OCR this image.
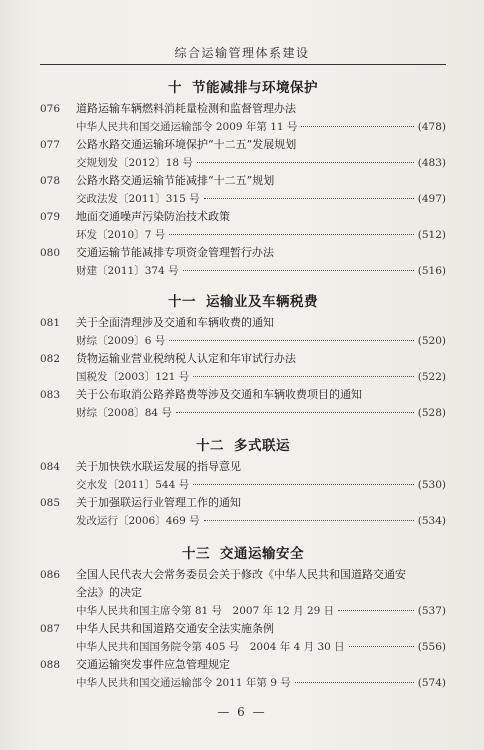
综合运输管理体系建设
十 节能减排与环境保护
076	道路运输车辆燃料消耗量检测和监督管理办法
中华人民共和国交通运输部令 2009 年第 11 号	(478)
077	公路水路交通运输环境保护“十二五”发展规划
交规划发〔2012〕18 号	(483)
078	公路水路交通运输节能减排“十二五”规划
交政法发〔2011〕315 号	(497)
079	地面交通噪声污染防治技术政策
环发〔2010〕7 号	(512)
080	交通运输节能减排专项资金管理暂行办法
财建〔2011〕374 号	(516)
十一 运输业及车辆税费
081	关于全面清理涉及交通和车辆收费的通知
财综〔2009〕6 号	(520)
082	货物运输业营业税纳税人认定和年审试行办法
国税发〔2003〕121 号	(522)
083	关于公布取消公路养路费等涉及交通和车辆收费项目的通知
财综〔2008〕84 号	(528)
十二 多式联运
084	关于加快铁水联运发展的指导意见
交水发〔2011〕544 号	(530)
085	关于加强联运行业管理工作的通知
发改运行〔2006〕469 号	(534)
十三 交通运输安全
086	全国人民代表大会常务委员会关于修改《中华人民共和国道路交通安全法》的决定
中华人民共和国主席令第 81 号　2007 年 12 月 29 日	(537)
087	中华人民共和国道路交通安全法实施条例
中华人民共和国国务院令第 405 号　2004 年 4 月 30 日	(556)
088	交通运输突发事件应急管理规定
中华人民共和国交通运输部令 2011 年第 9 号	(574)
— 6 —
